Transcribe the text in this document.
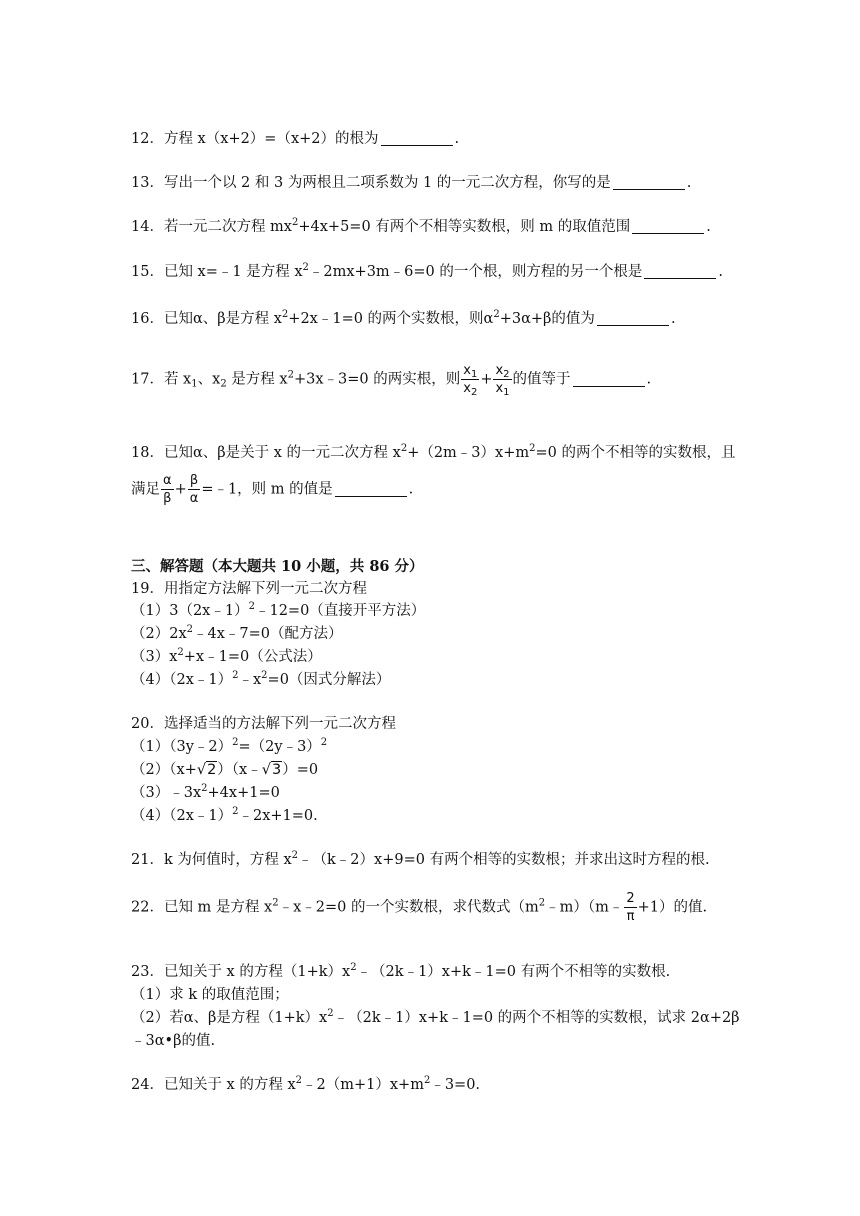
12．方程 x（x+2）=（x+2）的根为	.
13．写出一个以 2 和 3 为两根且二项系数为 1 的一元二次方程，你写的是	.
14．若一元二次方程 $mx^2+4x+5=0$ 有两个不相等实数根，则 m 的取值范围	.
15．已知 x=﹣1 是方程 $x^2﹣2mx+3m﹣6=0$ 的一个根，则方程的另一个根是	.
16．已知α、β是方程 $x^2+2x﹣1=0$ 的两个实数根，则$\alpha^2+3\alpha+\beta$的值为	.
17．若 $x_1$、$x_2$ 是方程 $x^2+3x﹣3=0$ 的两实根，则 $\frac{x_1}{x_2} + \frac{x_2}{x_1}$ 的值等于	.
18．已知α、β是关于 x 的一元二次方程 $x^2+(2m﹣3)x+m^2=0$ 的两个不相等的实数根，且
满足 $\frac{\alpha}{\beta} + \frac{\beta}{\alpha}$ =﹣1，则 m 的值是	.
三、解答题（本大题共 10 小题，共 86 分）
19．用指定方法解下列一元二次方程
（1）3（2x﹣1）$^2$﹣12=0（直接开平方法）
$(2)2x^2﹣4x﹣7=0$（配方法）
$(3)x^2+x﹣1=0$（公式法）
$(4)(2x﹣1)^2﹣x^2=0$（因式分解法）
20．选择适当的方法解下列一元二次方程
（1）（3y﹣2）$^2$=（2y﹣3）$^2$
（2）（x+√2）（x﹣√3）=0
$(3)﹣3x^2+4x+1=0$
（4）（2x﹣1）$^2$﹣2x+1=0.
21．k 为何值时，方程 $x^2﹣(k﹣2)x+9=0$ 有两个相等的实数根；并求出这时方程的根.
22．已知 m 是方程 $x^2﹣x﹣2=0$ 的一个实数根，求代数式$(m^2﹣m)(m﹣ \frac{2}{\pi} +1)$的值.
23．已知关于 x 的方程$(1+k)x^2﹣(2k﹣1)x+k﹣1=0$ 有两个不相等的实数根.
（1）求 k 的取值范围；
（2）若α、β是方程$(1+k)x^2﹣(2k﹣1)x+k﹣1=0$ 的两个不相等的实数根，试求 2α+2β
﹣3α•β的值.
24．已知关于 x 的方程 $x^2﹣2(m+1)x+m^2﹣3=0$.
